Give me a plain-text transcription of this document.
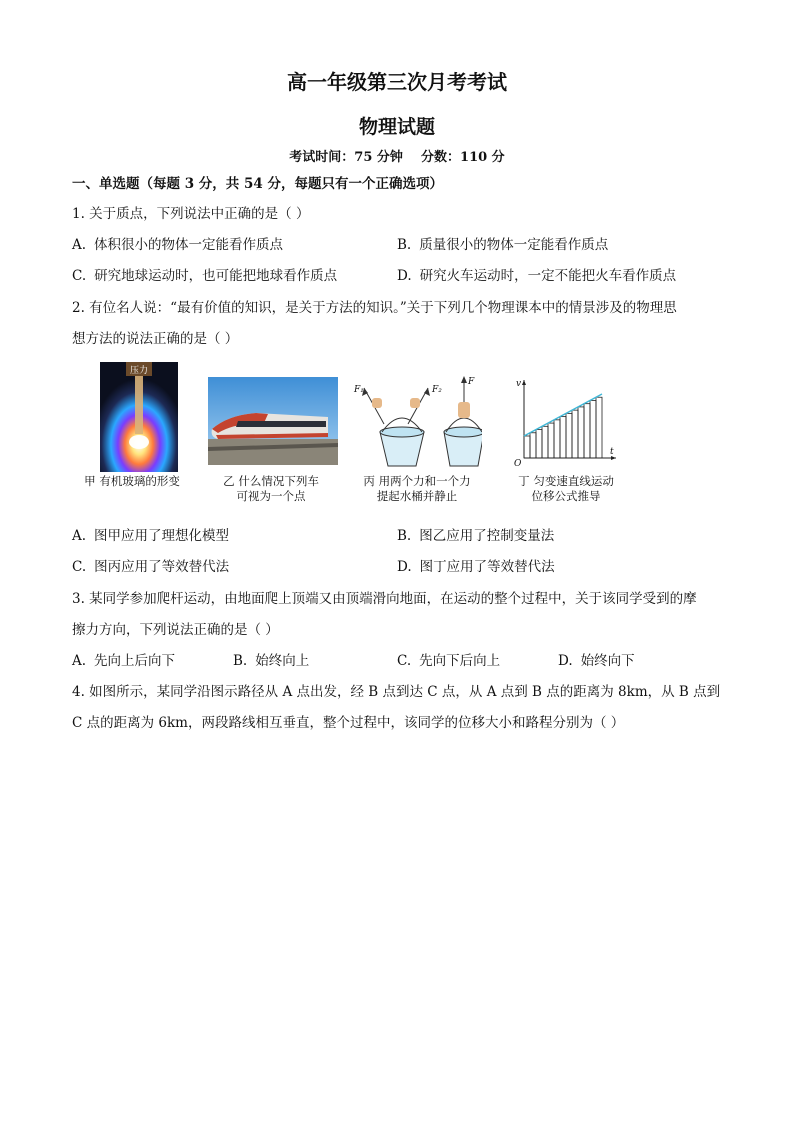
高一年级第三次月考考试
物理试题
考试时间：75 分钟    分数：110 分
一、单选题（每题 3 分，共 54 分，每题只有一个正确选项）
1. 关于质点，下列说法中正确的是（ ）
A. 体积很小的物体一定能看作质点	B. 质量很小的物体一定能看作质点
C. 研究地球运动时，也可能把地球看作质点	D. 研究火车运动时，一定不能把火车看作质点
2. 有位名人说：“最有价值的知识，是关于方法的知识。”关于下列几个物理课本中的情景涉及的物理思
想方法的说法正确的是（ ）
压力
甲 有机玻璃的形变	乙 什么情况下列车
可视为一个点
F₁	F₂
F
丙 用两个力和一个力
提起水桶并静止
v
t
O
丁 匀变速直线运动
位移公式推导
A. 图甲应用了理想化模型	B. 图乙应用了控制变量法
C. 图丙应用了等效替代法	D. 图丁应用了等效替代法
3. 某同学参加爬杆运动，由地面爬上顶端又由顶端滑向地面，在运动的整个过程中，关于该同学受到的摩
擦力方向，下列说法正确的是（ ）
A. 先向上后向下	B. 始终向上	C. 先向下后向上	D. 始终向下
4. 如图所示，某同学沿图示路径从 A 点出发，经 B 点到达 C 点，从 A 点到 B 点的距离为 8km，从 B 点到
C 点的距离为 6km，两段路线相互垂直，整个过程中，该同学的位移大小和路程分别为（ ）
